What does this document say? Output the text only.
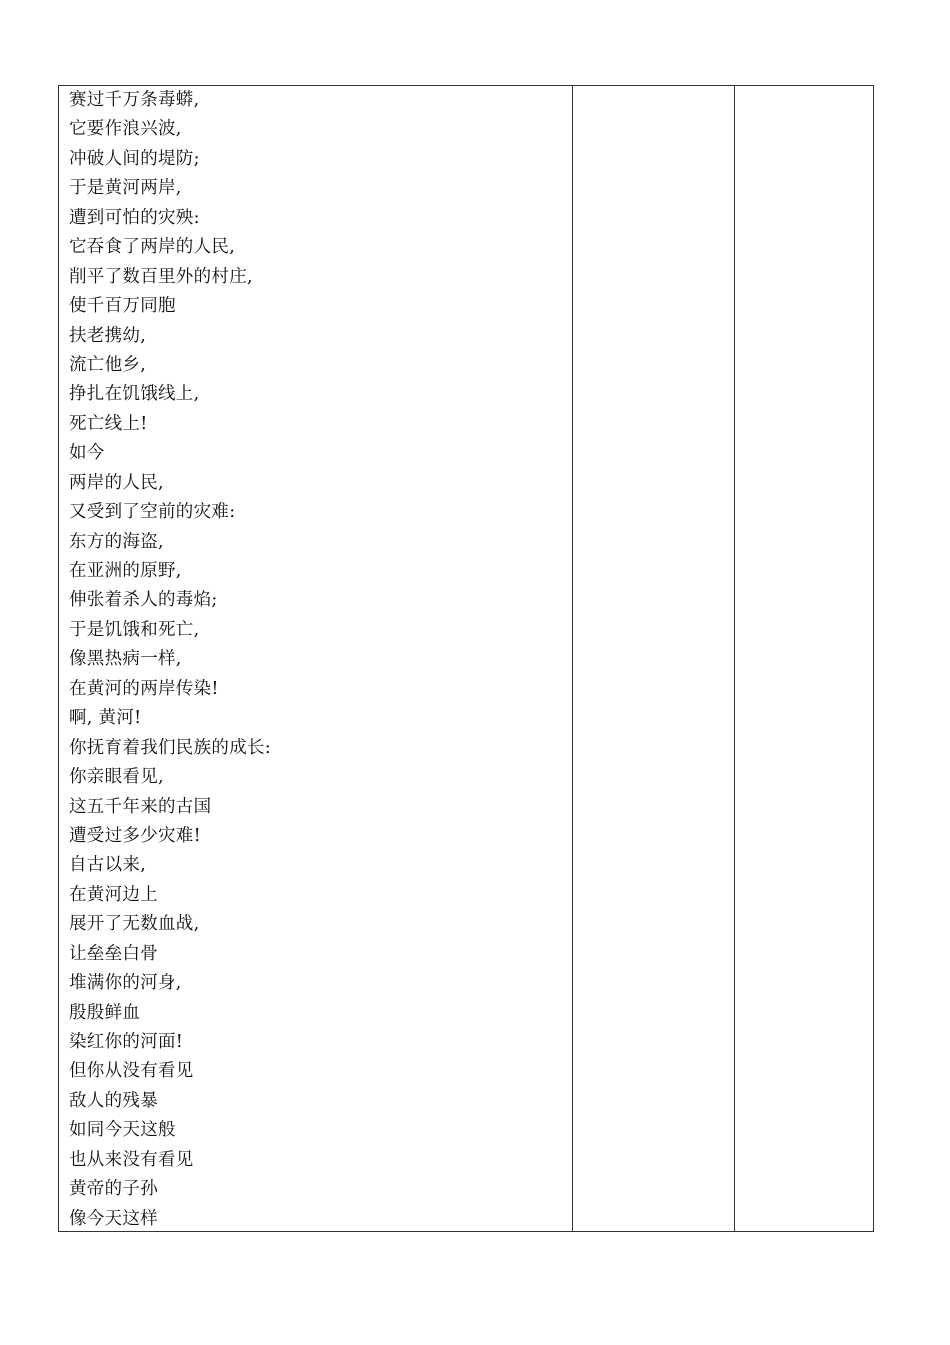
赛过千万条毒蟒,
它要作浪兴波,
冲破人间的堤防;
于是黄河两岸,
遭到可怕的灾殃:
它吞食了两岸的人民,
削平了数百里外的村庄,
使千百万同胞
扶老携幼,
流亡他乡,
挣扎在饥饿线上,
死亡线上!
如今
两岸的人民,
又受到了空前的灾难:
东方的海盗,
在亚洲的原野,
伸张着杀人的毒焰;
于是饥饿和死亡,
像黑热病一样,
在黄河的两岸传染!
啊, 黄河!
你抚育着我们民族的成长:
你亲眼看见,
这五千年来的古国
遭受过多少灾难!
自古以来,
在黄河边上
展开了无数血战,
让垒垒白骨
堆满你的河身,
殷殷鲜血
染红你的河面!
但你从没有看见
敌人的残暴
如同今天这般
也从来没有看见
黄帝的子孙
像今天这样
